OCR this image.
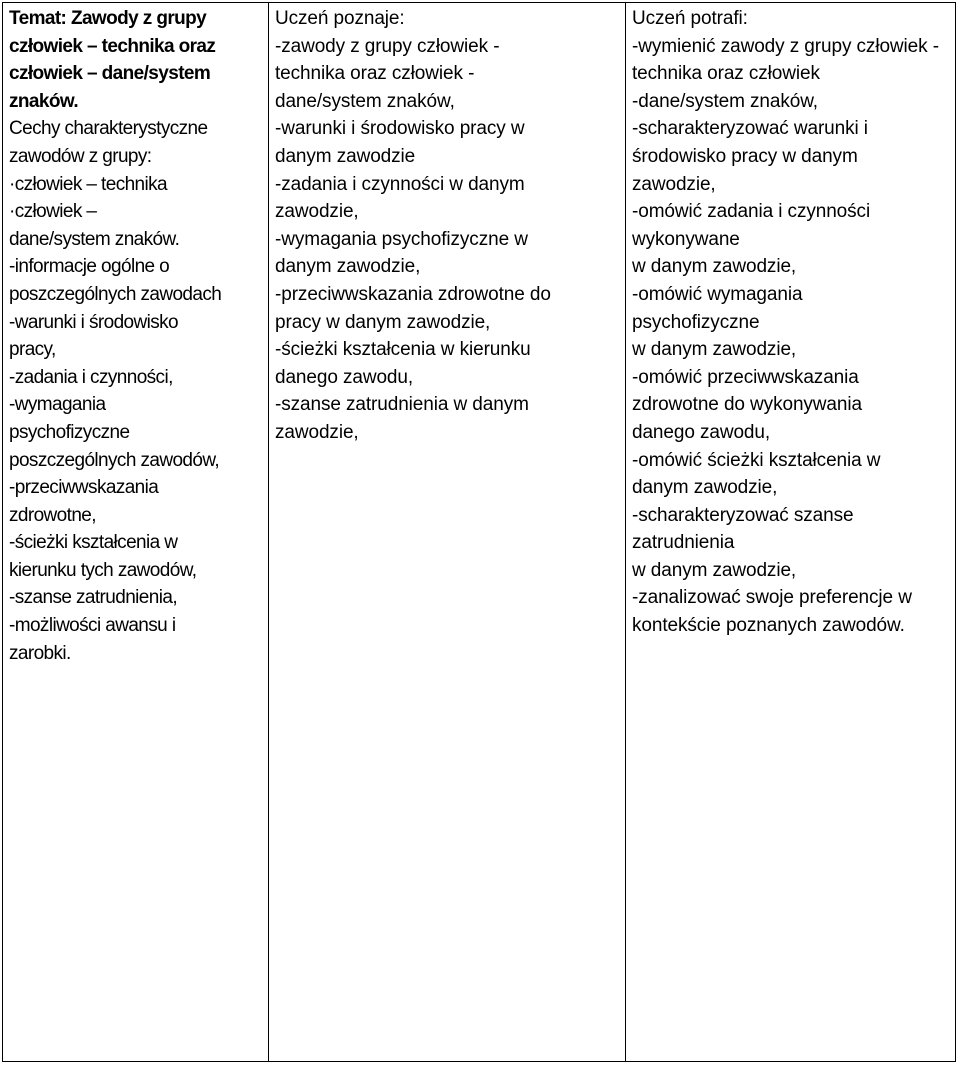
Temat: Zawody z grupy
człowiek – technika oraz
człowiek – dane/system
znaków.
Cechy charakterystyczne
zawodów z grupy:
·człowiek – technika
·człowiek –
dane/system znaków.
-informacje ogólne o
poszczególnych zawodach
-warunki i środowisko
pracy,
-zadania i czynności,
-wymagania
psychofizyczne
poszczególnych zawodów,
-przeciwwskazania
zdrowotne,
-ścieżki kształcenia w
kierunku tych zawodów,
-szanse zatrudnienia,
-możliwości awansu i
zarobki.

Uczeń poznaje:
-zawody z grupy człowiek -
technika oraz człowiek -
dane/system znaków,
-warunki i środowisko pracy w
danym zawodzie
-zadania i czynności w danym
zawodzie,
-wymagania psychofizyczne w
danym zawodzie,
-przeciwwskazania zdrowotne do
pracy w danym zawodzie,
-ścieżki kształcenia w kierunku
danego zawodu,
-szanse zatrudnienia w danym
zawodzie,

Uczeń potrafi:
-wymienić zawody z grupy człowiek -
technika oraz człowiek
-dane/system znaków,
-scharakteryzować warunki i
środowisko pracy w danym
zawodzie,
-omówić zadania i czynności
wykonywane
w danym zawodzie,
-omówić wymagania
psychofizyczne
w danym zawodzie,
-omówić przeciwwskazania
zdrowotne do wykonywania
danego zawodu,
-omówić ścieżki kształcenia w
danym zawodzie,
-scharakteryzować szanse
zatrudnienia
w danym zawodzie,
-zanalizować swoje preferencje w
kontekście poznanych zawodów.
